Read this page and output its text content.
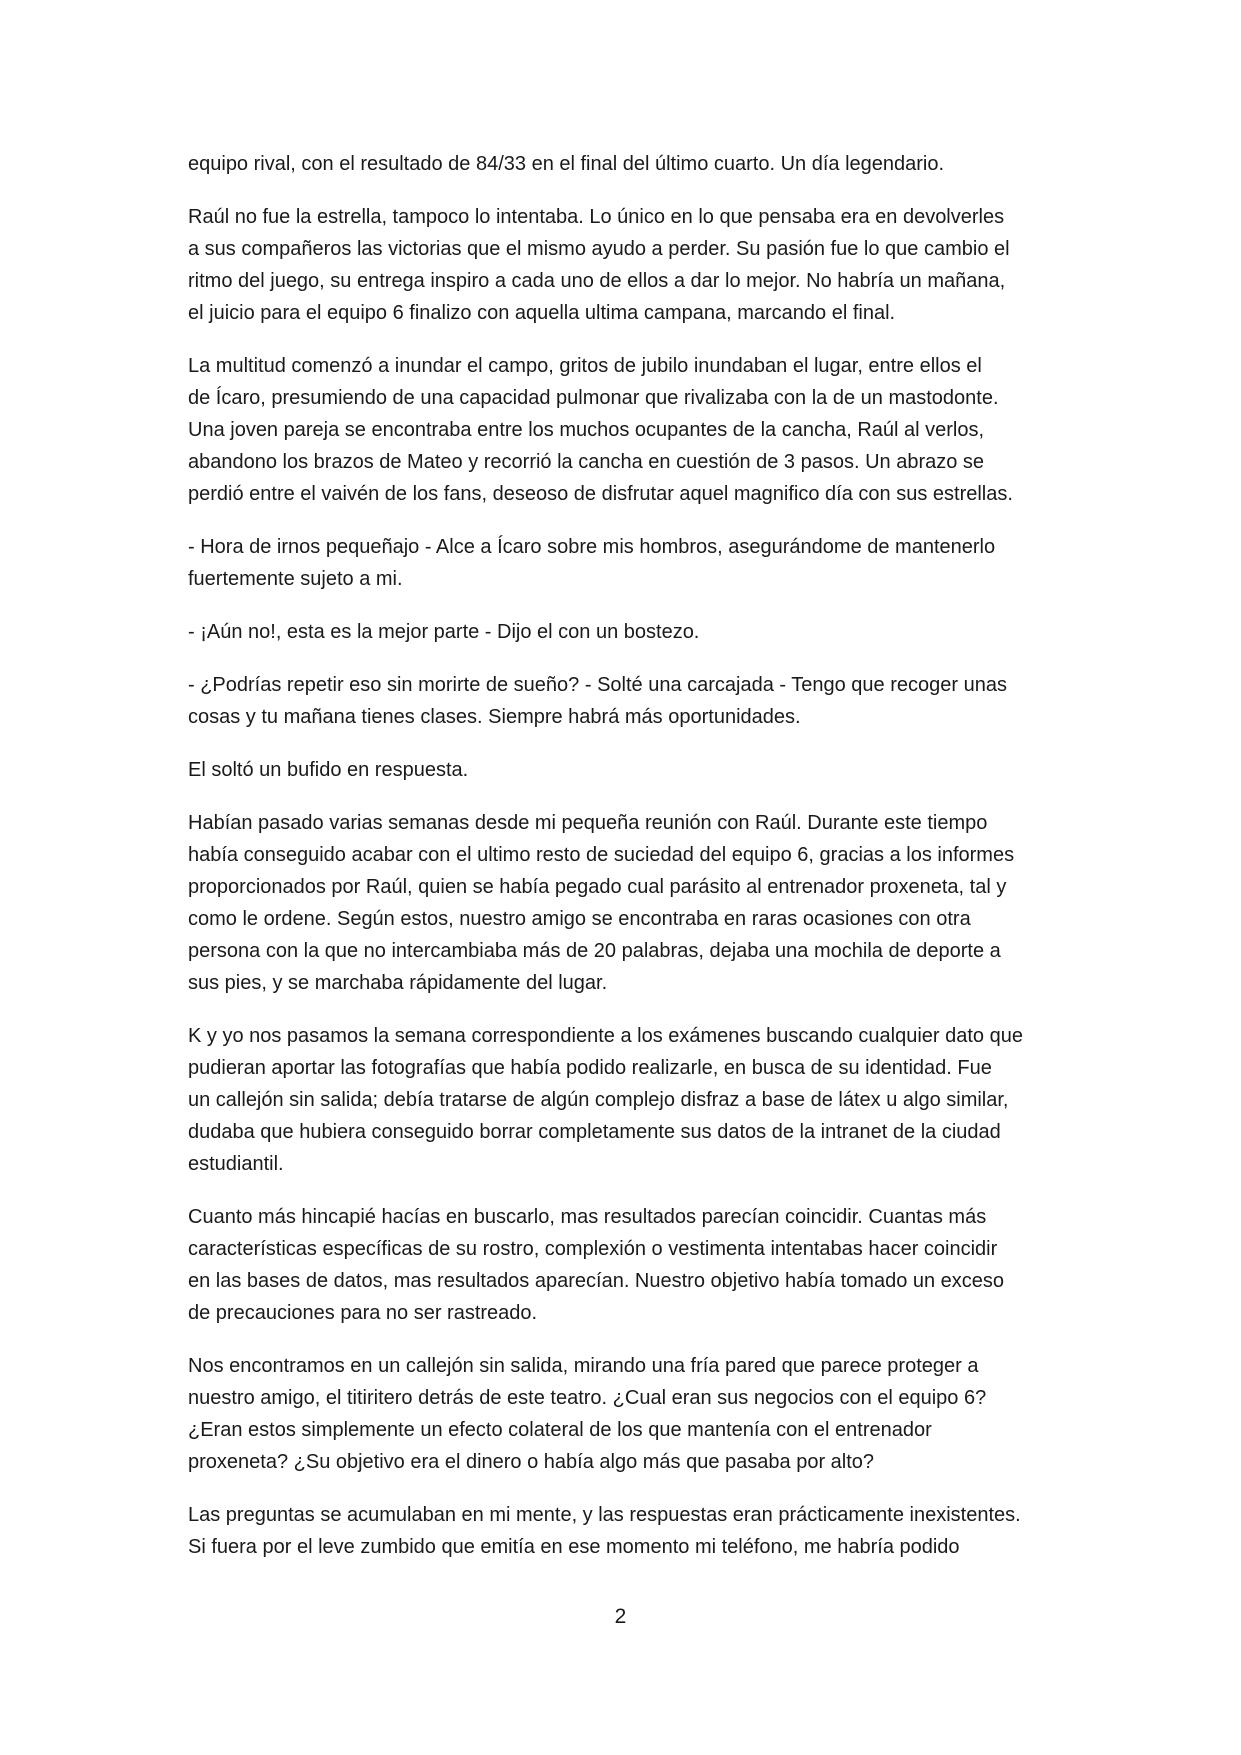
equipo rival, con el resultado de 84/33 en el final del último cuarto. Un día legendario.

Raúl no fue la estrella, tampoco lo intentaba. Lo único en lo que pensaba era en devolverles
a sus compañeros las victorias que el mismo ayudo a perder. Su pasión fue lo que cambio el
ritmo del juego, su entrega inspiro a cada uno de ellos a dar lo mejor. No habría un mañana,
el juicio para el equipo 6 finalizo con aquella ultima campana, marcando el final.

La multitud comenzó a inundar el campo, gritos de jubilo inundaban el lugar, entre ellos el
de Ícaro, presumiendo de una capacidad pulmonar que rivalizaba con la de un mastodonte.
Una joven pareja se encontraba entre los muchos ocupantes de la cancha, Raúl al verlos,
abandono los brazos de Mateo y recorrió la cancha en cuestión de 3 pasos. Un abrazo se
perdió entre el vaivén de los fans, deseoso de disfrutar aquel magnifico día con sus estrellas.

- Hora de irnos pequeñajo - Alce a Ícaro sobre mis hombros, asegurándome de mantenerlo
fuertemente sujeto a mi.

- ¡Aún no!, esta es la mejor parte - Dijo el con un bostezo.

- ¿Podrías repetir eso sin morirte de sueño? - Solté una carcajada - Tengo que recoger unas
cosas y tu mañana tienes clases. Siempre habrá más oportunidades.

El soltó un bufido en respuesta.

Habían pasado varias semanas desde mi pequeña reunión con Raúl. Durante este tiempo
había conseguido acabar con el ultimo resto de suciedad del equipo 6, gracias a los informes
proporcionados por Raúl, quien se había pegado cual parásito al entrenador proxeneta, tal y
como le ordene. Según estos, nuestro amigo se encontraba en raras ocasiones con otra
persona con la que no intercambiaba más de 20 palabras, dejaba una mochila de deporte a
sus pies, y se marchaba rápidamente del lugar.

K y yo nos pasamos la semana correspondiente a los exámenes buscando cualquier dato que
pudieran aportar las fotografías que había podido realizarle, en busca de su identidad. Fue
un callejón sin salida; debía tratarse de algún complejo disfraz a base de látex u algo similar,
dudaba que hubiera conseguido borrar completamente sus datos de la intranet de la ciudad
estudiantil.

Cuanto más hincapié hacías en buscarlo, mas resultados parecían coincidir. Cuantas más
características específicas de su rostro, complexión o vestimenta intentabas hacer coincidir
en las bases de datos, mas resultados aparecían. Nuestro objetivo había tomado un exceso
de precauciones para no ser rastreado.

Nos encontramos en un callejón sin salida, mirando una fría pared que parece proteger a
nuestro amigo, el titiritero detrás de este teatro. ¿Cual eran sus negocios con el equipo 6?
¿Eran estos simplemente un efecto colateral de los que mantenía con el entrenador
proxeneta? ¿Su objetivo era el dinero o había algo más que pasaba por alto?

Las preguntas se acumulaban en mi mente, y las respuestas eran prácticamente inexistentes.
Si fuera por el leve zumbido que emitía en ese momento mi teléfono, me habría podido

2
